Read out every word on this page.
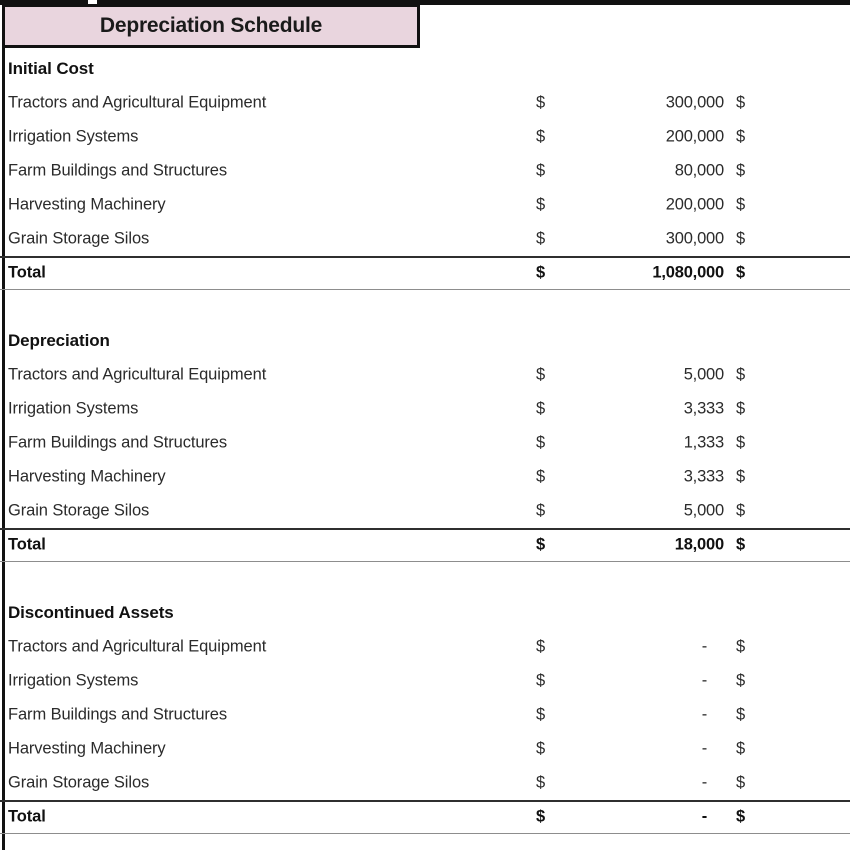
Depreciation Schedule
Initial Cost
Tractors and Agricultural Equipment	$	300,000 $
Irrigation Systems	$	200,000 $
Farm Buildings and Structures	$	80,000 $
Harvesting Machinery	$	200,000 $
Grain Storage Silos	$	300,000 $
Total	$	1,080,000 $
Depreciation
Tractors and Agricultural Equipment	$	5,000 $
Irrigation Systems	$	3,333 $
Farm Buildings and Structures	$	1,333 $
Harvesting Machinery	$	3,333 $
Grain Storage Silos	$	5,000 $
Total	$	18,000 $
Discontinued Assets
Tractors and Agricultural Equipment	$	- $
Irrigation Systems	$	- $
Farm Buildings and Structures	$	- $
Harvesting Machinery	$	- $
Grain Storage Silos	$	- $
Total	$	- $
